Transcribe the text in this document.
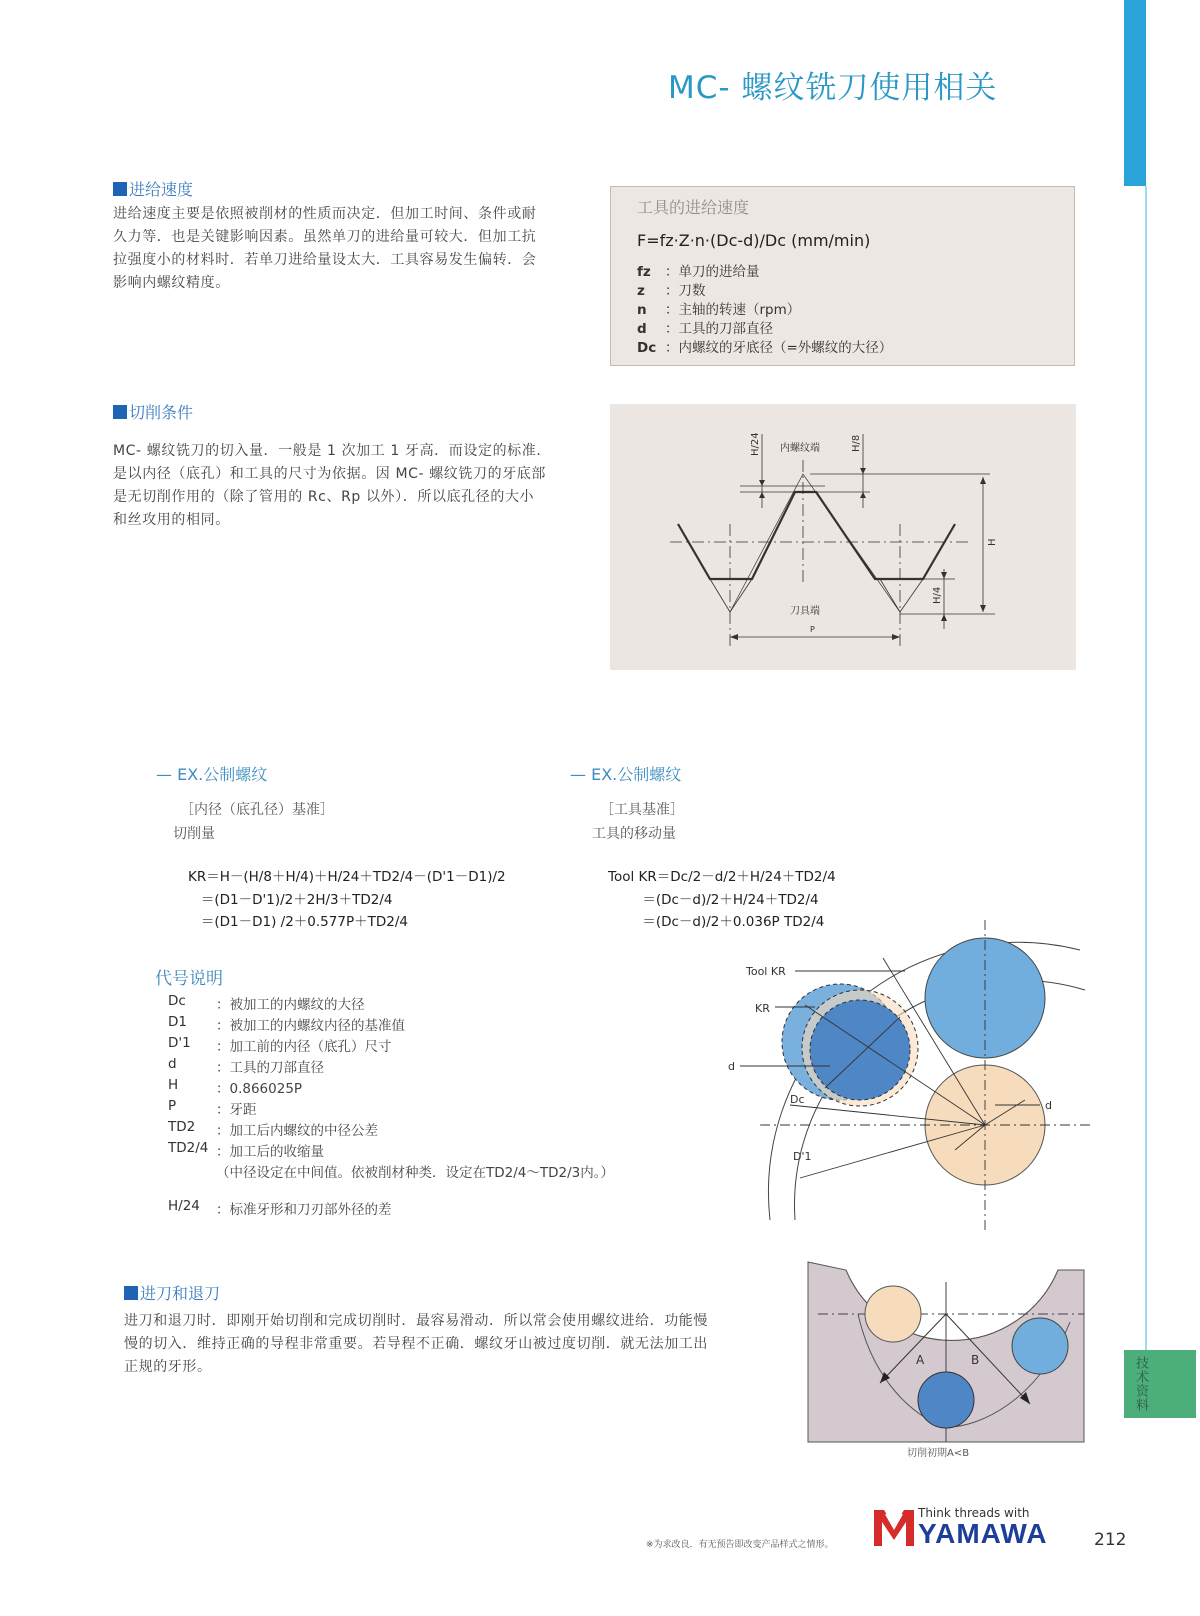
技术资料
MC- 螺纹铣刀使用相关
进给速度
进给速度主要是依照被削材的性质而决定．但加工时间、条件或耐
久力等．也是关键影响因素。虽然单刀的进给量可较大．但加工抗
拉强度小的材料时．若单刀进给量设太大．工具容易发生偏转．会
影响内螺纹精度。
工具的进给速度
F=fz·Z·n·(Dc-d)/Dc (mm/min)
fz ：单刀的进给量
z ：刀数
n ：主轴的转速（rpm）
d ：工具的刀部直径
Dc ：内螺纹的牙底径（=外螺纹的大径）
切削条件
MC- 螺纹铣刀的切入量．一般是 1 次加工 1 牙高．而设定的标准．
是以内径（底孔）和工具的尺寸为依据。因 MC- 螺纹铣刀的牙底部
是无切削作用的（除了管用的 Rc、Rp 以外）．所以底孔径的大小
和丝攻用的相同。
H/24	H/8
内螺纹端
H
H/4
刀具端
P
— EX.公制螺纹
［内径（底孔径）基准］
切削量
KR＝H－(H/8＋H/4)＋H/24＋TD2/4－(D'1－D1)/2
＝(D1－D'1)/2＋2H/3＋TD2/4
＝(D1－D1) /2＋0.577P＋TD2/4
— EX.公制螺纹
［工具基准］
工具的移动量
Tool KR＝Dc/2－d/2＋H/24＋TD2/4
＝(Dc－d)/2＋H/24＋TD2/4
＝(Dc－d)/2＋0.036P TD2/4
代号说明
Dc	：被加工的内螺纹的大径
D1	：被加工的内螺纹内径的基准值
D'1	：加工前的内径（底孔）尺寸
d	：工具的刀部直径
H	：0.866025P
P	：牙距
TD2	：加工后内螺纹的中径公差
TD2/4 ：加工后的收缩量
（中径设定在中间值。依被削材种类．设定在TD2/4～TD2/3内。）
H/24	：标准牙形和刀刃部外径的差
Tool KR
KR
d
Dc
D'1
d
进刀和退刀
进刀和退刀时．即刚开始切削和完成切削时．最容易滑动．所以常会使用螺纹进给．功能慢
慢的切入．维持正确的导程非常重要。若导程不正确．螺纹牙山被过度切削．就无法加工出
正规的牙形。	A	B
切削初期A<B
※为求改良．有无预告即改变产品样式之情形。
Think threads with
YAMAWA	212
